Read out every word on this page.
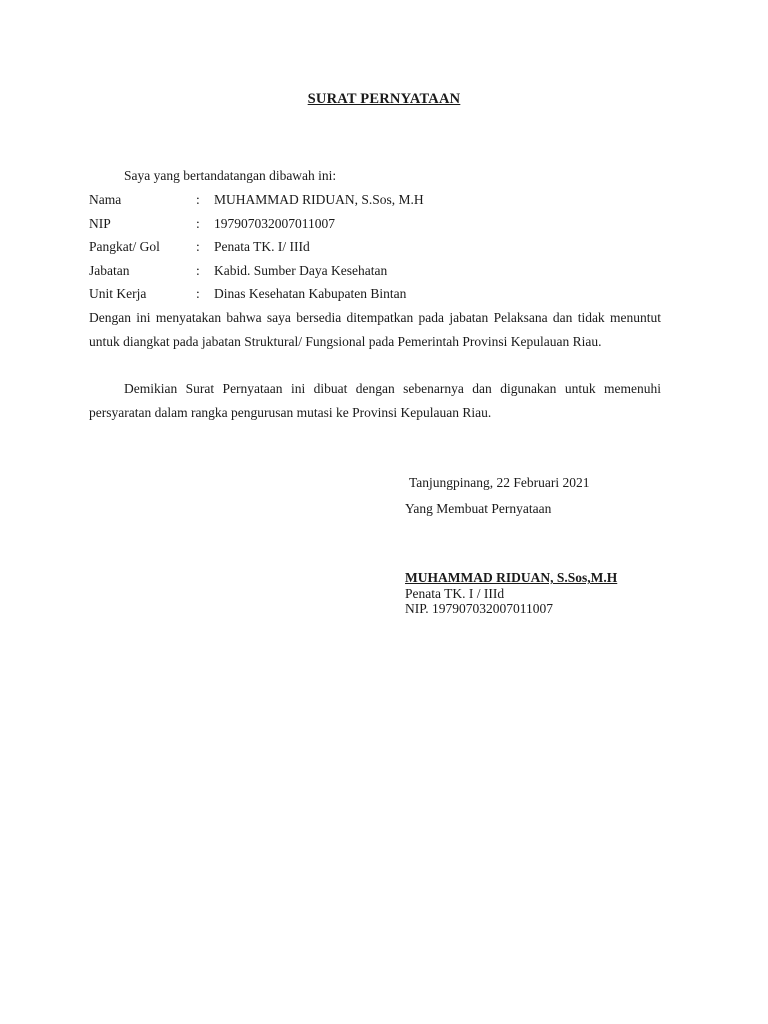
SURAT PERNYATAAN
Saya yang bertandatangan dibawah ini:
Nama	: MUHAMMAD RIDUAN, S.Sos, M.H
NIP	: 197907032007011007
Pangkat/ Gol	: Penata TK. I/ IIId
Jabatan	: Kabid. Sumber Daya Kesehatan
Unit Kerja	: Dinas Kesehatan Kabupaten Bintan
Dengan ini menyatakan bahwa saya bersedia ditempatkan pada jabatan Pelaksana dan tidak menuntut untuk diangkat pada jabatan Struktural/ Fungsional pada Pemerintah Provinsi Kepulauan Riau.
Demikian Surat Pernyataan ini dibuat dengan sebenarnya dan digunakan untuk memenuhi persyaratan dalam rangka pengurusan mutasi ke Provinsi Kepulauan Riau.
Tanjungpinang, 22 Februari 2021
Yang Membuat Pernyataan
MUHAMMAD RIDUAN, S.Sos,M.H
Penata TK. I / IIId
NIP. 197907032007011007
